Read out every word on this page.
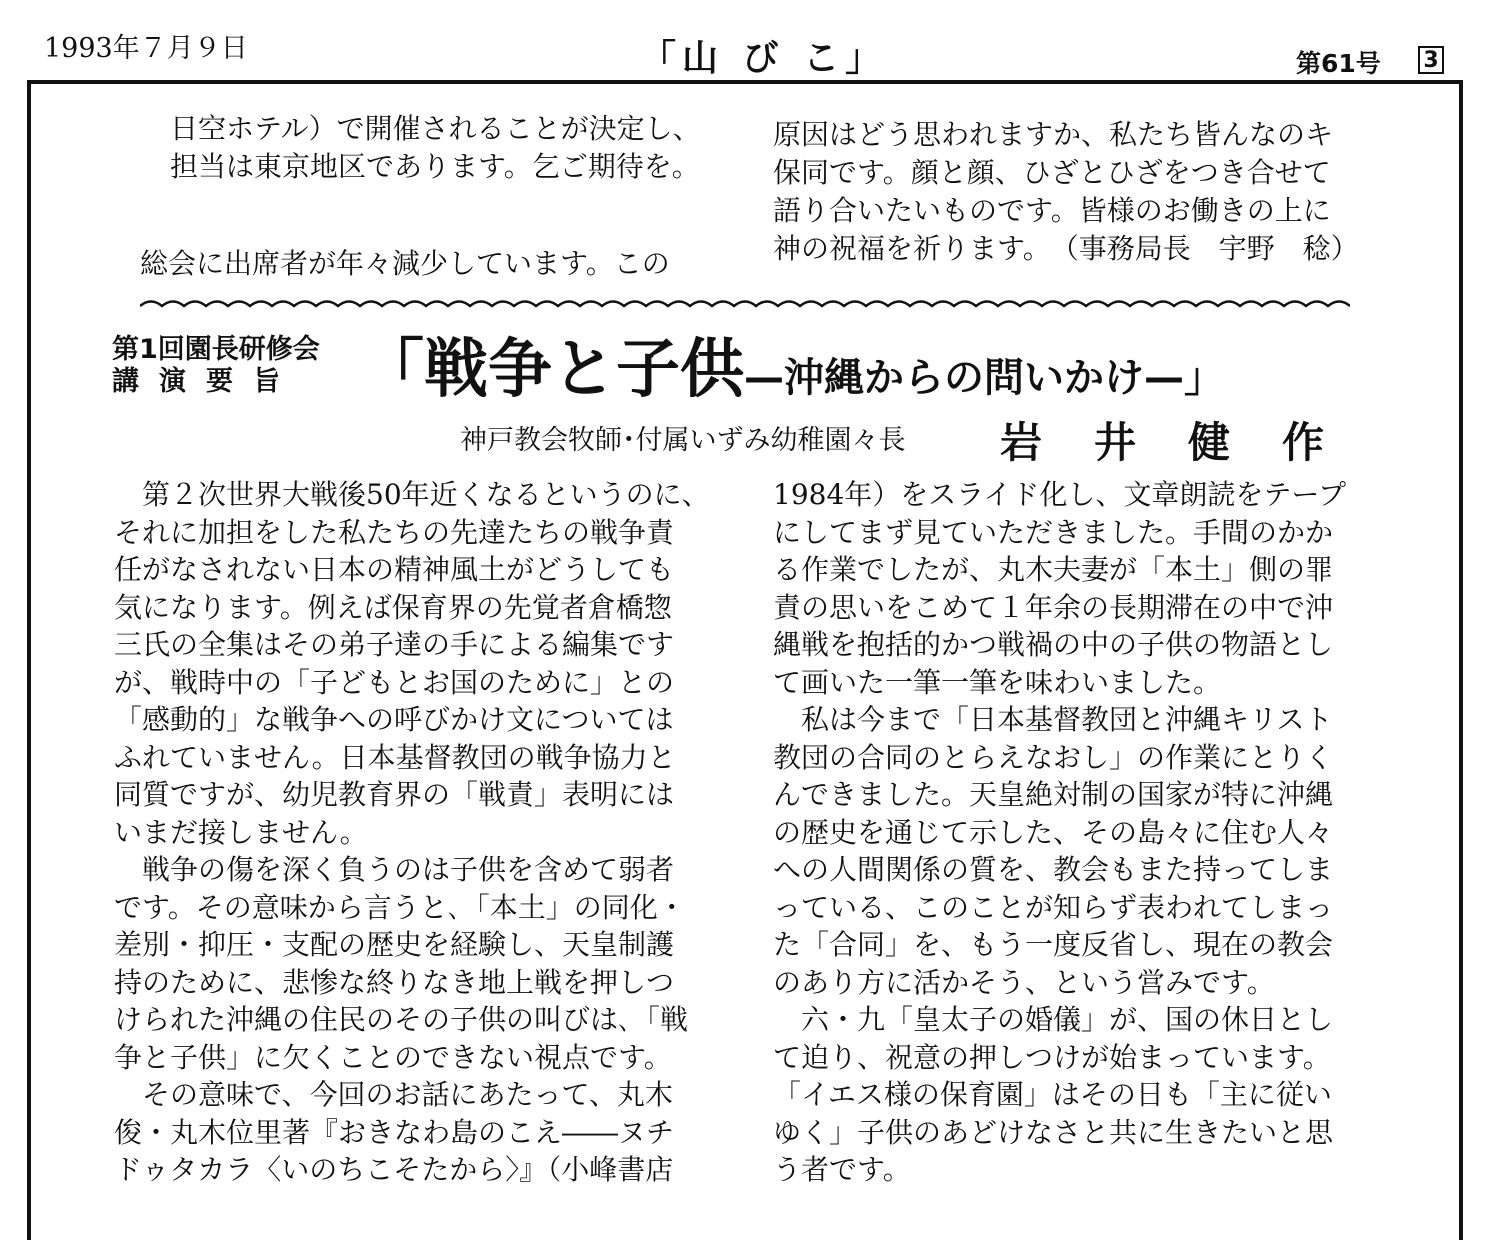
1993年７月９日	「山 び こ」	第61号 3
日空ホテル）で開催されることが決定し、
担当は東京地区であります。乞ご期待を。
総会に出席者が年々減少しています。この
原因はどう思われますか、私たち皆んなのキ
保同です。顔と顔、ひざとひざをつき合せて
語り合いたいものです。皆様のお働きの上に
神の祝福を祈ります。　（事務局長　宇野　稔）
第1回園長研修会
講演要旨 「戦争と子供—沖縄からの問いかけ—」
神戸教会牧師･付属いずみ幼稚園々長 岩井健作
　第２次世界大戦後50年近くなるというのに、
それに加担をした私たちの先達たちの戦争責
任がなされない日本の精神風土がどうしても
気になります。例えば保育界の先覚者倉橋惣
三氏の全集はその弟子達の手による編集です
が、戦時中の「子どもとお国のために」との
「感動的」な戦争への呼びかけ文については
ふれていません。日本基督教団の戦争協力と
同質ですが、幼児教育界の「戦責」表明には
いまだ接しません。
　戦争の傷を深く負うのは子供を含めて弱者
です。その意味から言うと､「本土」の同化・
差別・抑圧・支配の歴史を経験し、天皇制護
持のために、悲惨な終りなき地上戦を押しつ
けられた沖縄の住民のその子供の叫びは､「戦
争と子供」に欠くことのできない視点です。
　その意味で、今回のお話にあたって、丸木
俊・丸木位里著『おきなわ島のこえ――ヌチ
ドゥタカラ〈いのちこそたから〉』（小峰書店
1984年）をスライド化し、文章朗読をテープ
にしてまず見ていただきました。手間のかか
る作業でしたが、丸木夫妻が「本土」側の罪
責の思いをこめて１年余の長期滞在の中で沖
縄戦を抱括的かつ戦禍の中の子供の物語とし
て画いた一筆一筆を味わいました。
　私は今まで「日本基督教団と沖縄キリスト
教団の合同のとらえなおし」の作業にとりく
んできました。天皇絶対制の国家が特に沖縄
の歴史を通じて示した、その島々に住む人々
への人間関係の質を、教会もまた持ってしま
っている、このことが知らず表われてしまっ
た「合同」を、もう一度反省し、現在の教会
のあり方に活かそう、という営みです。
　六・九「皇太子の婚儀」が、国の休日とし
て迫り、祝意の押しつけが始まっています。
「イエス様の保育園」はその日も「主に従い
ゆく」子供のあどけなさと共に生きたいと思
う者です。
